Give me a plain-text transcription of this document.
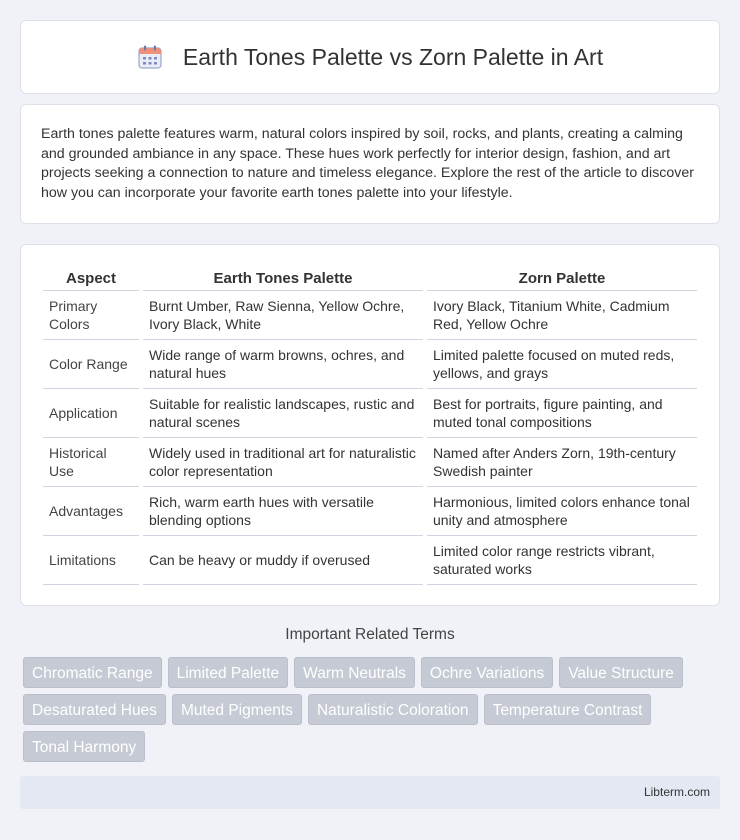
Earth Tones Palette vs Zorn Palette in Art

Earth tones palette features warm, natural colors inspired by soil, rocks, and plants, creating a calming and grounded ambiance in any space. These hues work perfectly for interior design, fashion, and art projects seeking a connection to nature and timeless elegance. Explore the rest of the article to discover how you can incorporate your favorite earth tones palette into your lifestyle.

Aspect	Earth Tones Palette	Zorn Palette
Primary Colors	Burnt Umber, Raw Sienna, Yellow Ochre, Ivory Black, White	Ivory Black, Titanium White, Cadmium Red, Yellow Ochre
Color Range	Wide range of warm browns, ochres, and natural hues	Limited palette focused on muted reds, yellows, and grays
Application	Suitable for realistic landscapes, rustic and natural scenes	Best for portraits, figure painting, and muted tonal compositions
Historical Use	Widely used in traditional art for naturalistic color representation	Named after Anders Zorn, 19th-century Swedish painter
Advantages	Rich, warm earth hues with versatile blending options	Harmonious, limited colors enhance tonal unity and atmosphere
Limitations	Can be heavy or muddy if overused	Limited color range restricts vibrant, saturated works
Important Related Terms
Chromatic Range	Limited Palette	Warm Neutrals	Ochre Variations	Value Structure
Desaturated Hues	Muted Pigments	Naturalistic Coloration	Temperature Contrast
Tonal Harmony
Libterm.com
